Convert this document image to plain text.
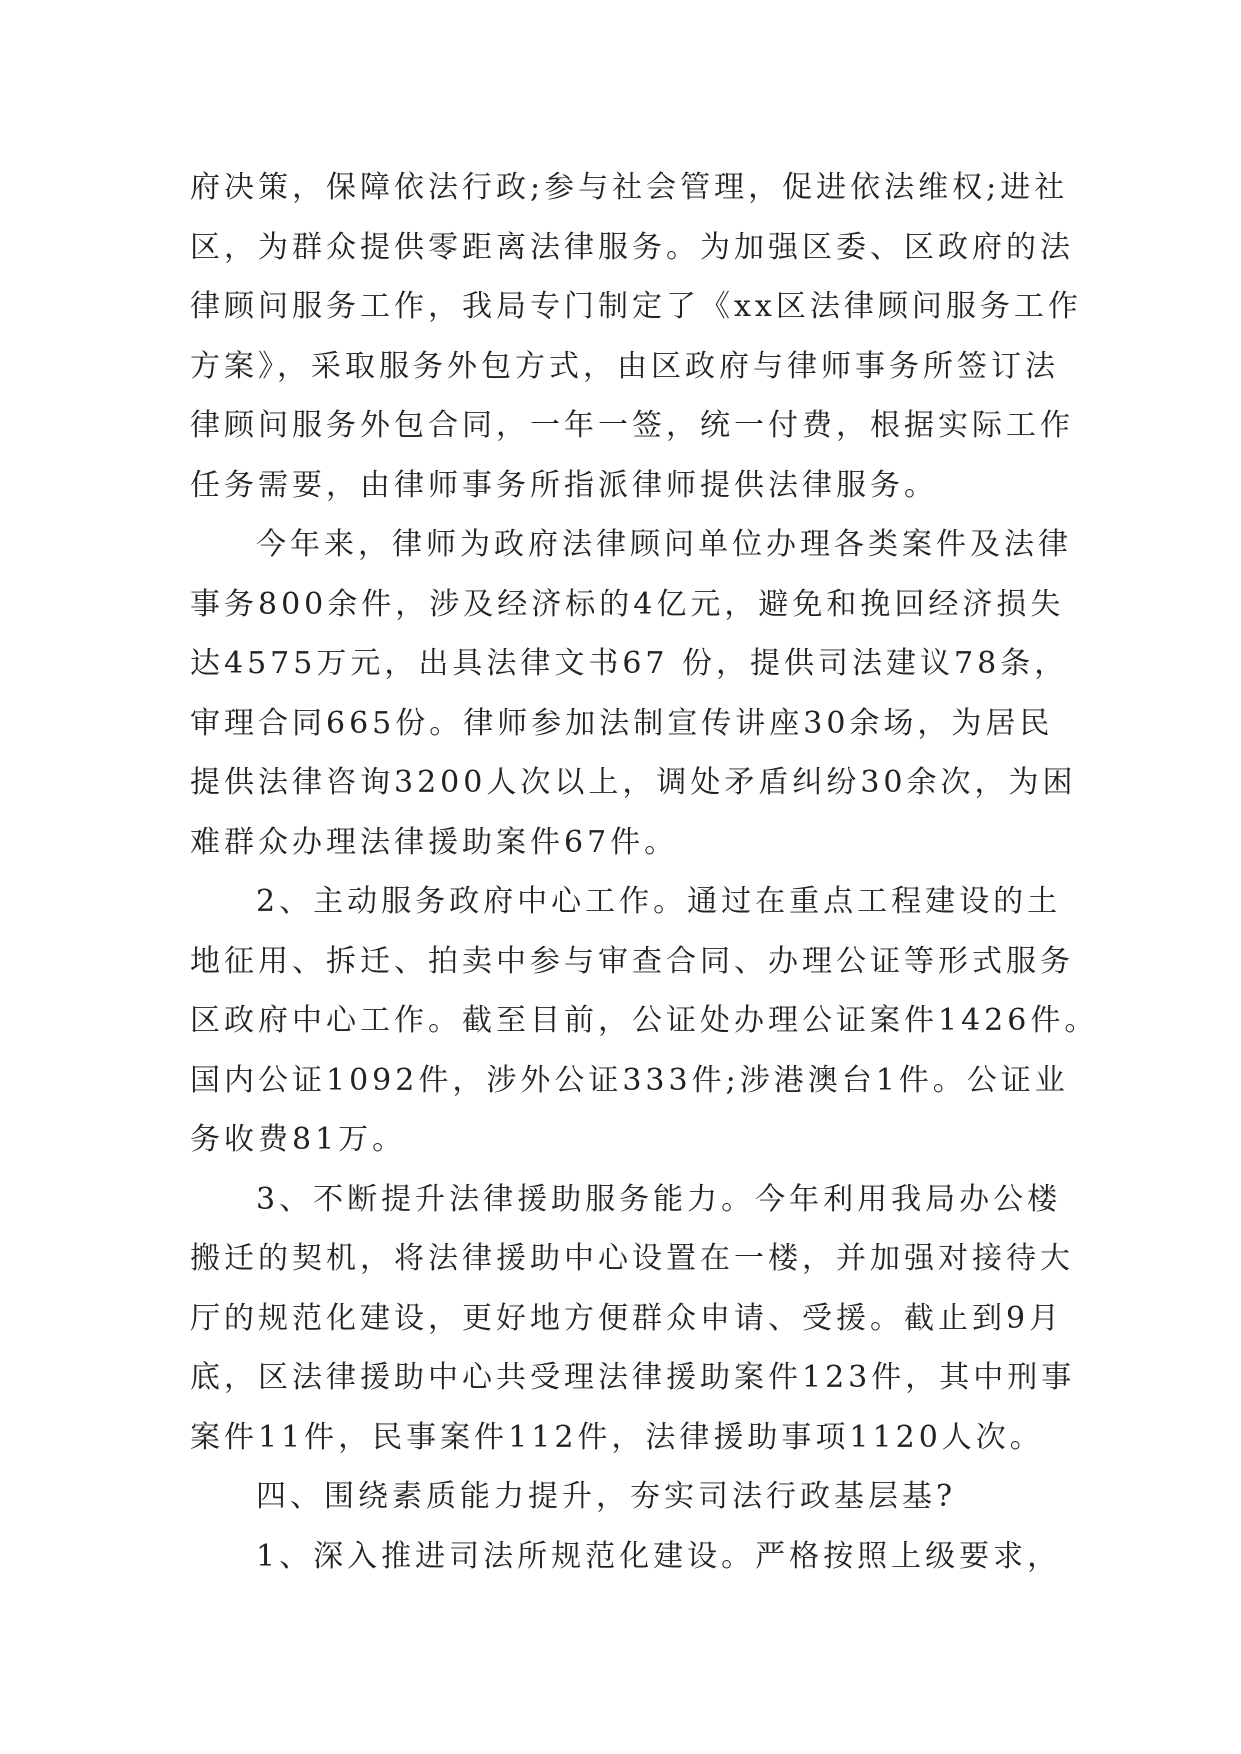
府决策，保障依法行政;参与社会管理，促进依法维权;进社
区，为群众提供零距离法律服务。为加强区委、区政府的法
律顾问服务工作，我局专门制定了《xx区法律顾问服务工作
方案》，采取服务外包方式，由区政府与律师事务所签订法
律顾问服务外包合同，一年一签，统一付费，根据实际工作
任务需要，由律师事务所指派律师提供法律服务。
今年来，律师为政府法律顾问单位办理各类案件及法律
事务800余件，涉及经济标的4亿元，避免和挽回经济损失
达4575万元，出具法律文书67 份，提供司法建议78条，
审理合同665份。律师参加法制宣传讲座30余场，为居民
提供法律咨询3200人次以上，调处矛盾纠纷30余次，为困
难群众办理法律援助案件67件。
2、主动服务政府中心工作。通过在重点工程建设的土
地征用、拆迁、拍卖中参与审查合同、办理公证等形式服务
区政府中心工作。截至目前，公证处办理公证案件1426件。
国内公证1092件，涉外公证333件;涉港澳台1件。公证业
务收费81万。
3、不断提升法律援助服务能力。今年利用我局办公楼
搬迁的契机，将法律援助中心设置在一楼，并加强对接待大
厅的规范化建设，更好地方便群众申请、受援。截止到9月
底，区法律援助中心共受理法律援助案件123件，其中刑事
案件11件，民事案件112件，法律援助事项1120人次。
四、围绕素质能力提升，夯实司法行政基层基?
1、深入推进司法所规范化建设。严格按照上级要求，
